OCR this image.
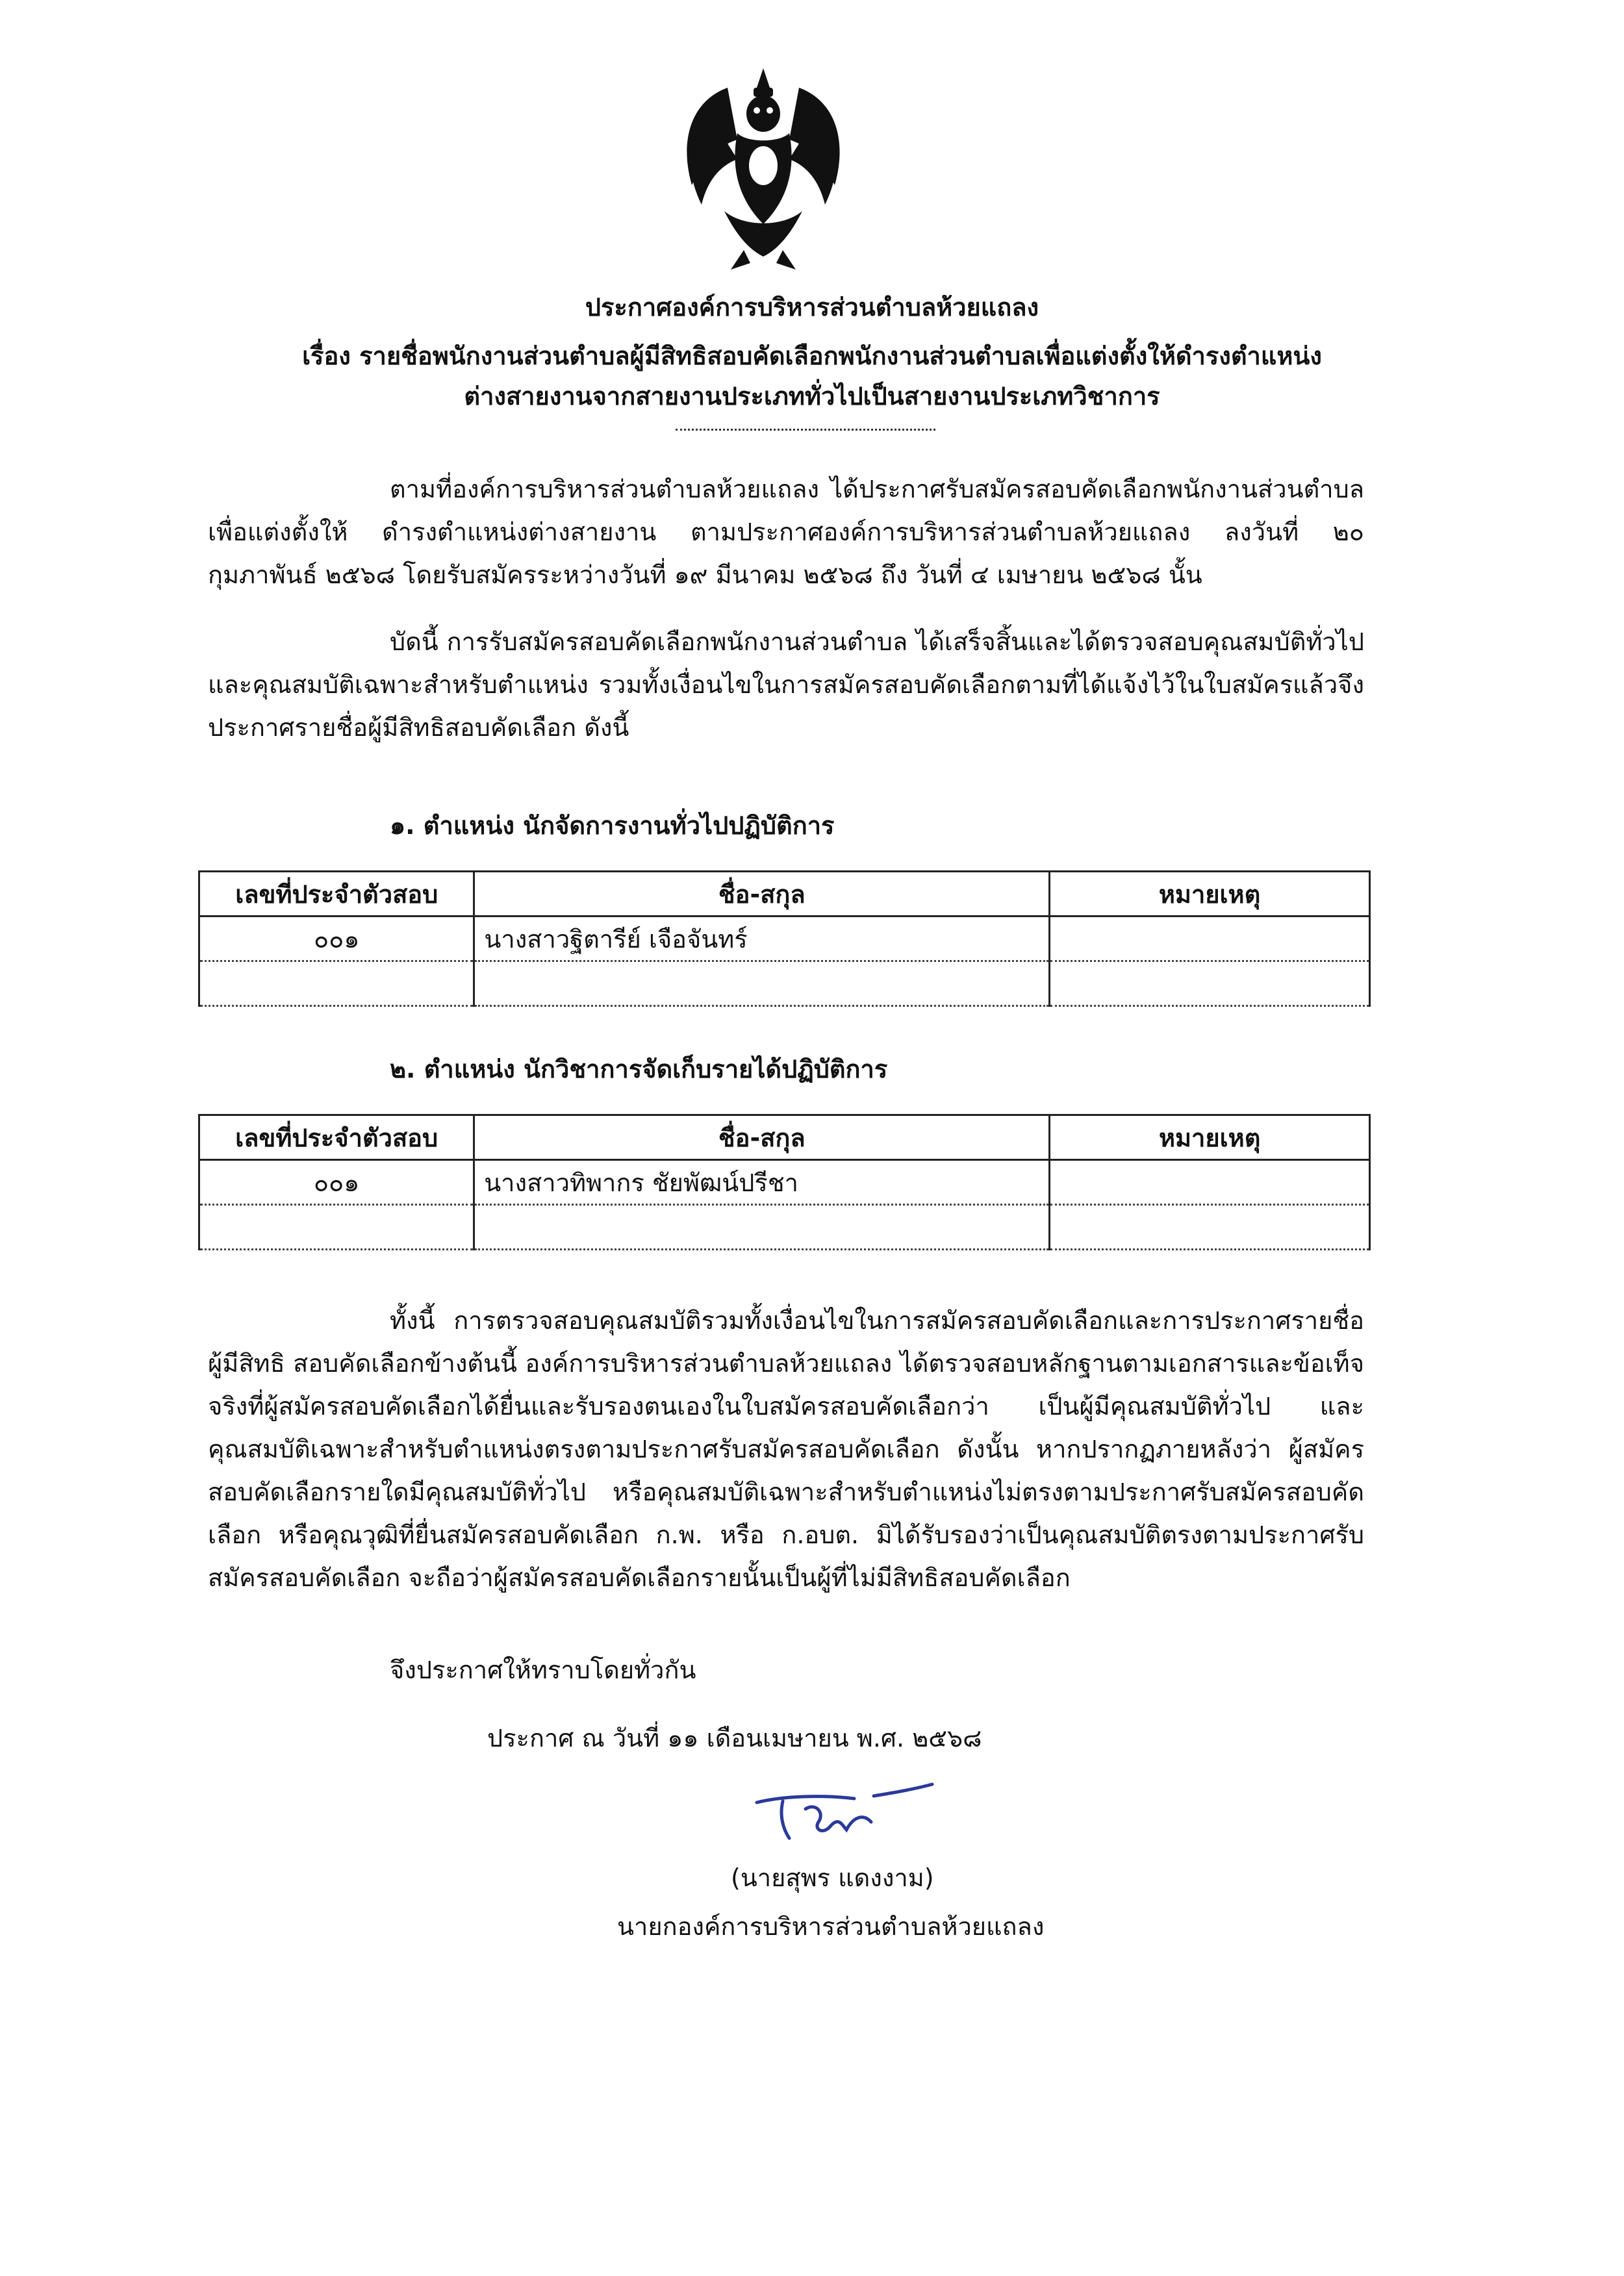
ประกาศองค์การบริหารส่วนตำบลห้วยแถลง
เรื่อง รายชื่อพนักงานส่วนตำบลผู้มีสิทธิสอบคัดเลือกพนักงานส่วนตำบลเพื่อแต่งตั้งให้ดำรงตำแหน่ง
ต่างสายงานจากสายงานประเภททั่วไปเป็นสายงานประเภทวิชาการ
ตามที่องค์การบริหารส่วนตำบลห้วยแถลง ได้ประกาศรับสมัครสอบคัดเลือกพนักงานส่วนตำบลเพื่อแต่งตั้งให้ ดำรงตำแหน่งต่างสายงาน ตามประกาศองค์การบริหารส่วนตำบลห้วยแถลง ลงวันที่ ๒๐ กุมภาพันธ์ ๒๕๖๘ โดยรับสมัครระหว่างวันที่ ๑๙ มีนาคม ๒๕๖๘ ถึง วันที่ ๔ เมษายน ๒๕๖๘ นั้น
บัดนี้ การรับสมัครสอบคัดเลือกพนักงานส่วนตำบล ได้เสร็จสิ้นและได้ตรวจสอบคุณสมบัติทั่วไปและคุณสมบัติเฉพาะสำหรับตำแหน่ง รวมทั้งเงื่อนไขในการสมัครสอบคัดเลือกตามที่ได้แจ้งไว้ในใบสมัครแล้วจึงประกาศรายชื่อผู้มีสิทธิสอบคัดเลือก ดังนี้
๑. ตำแหน่ง นักจัดการงานทั่วไปปฏิบัติการ
เลขที่ประจำตัวสอบ	ชื่อ-สกุล	หมายเหตุ
๐๐๑	นางสาวฐิตารีย์ เจือจันทร์	

๒. ตำแหน่ง นักวิชาการจัดเก็บรายได้ปฏิบัติการ
เลขที่ประจำตัวสอบ	ชื่อ-สกุล	หมายเหตุ
๐๐๑	นางสาวทิพากร ชัยพัฒน์ปรีชา	

ทั้งนี้ การตรวจสอบคุณสมบัติรวมทั้งเงื่อนไขในการสมัครสอบคัดเลือกและการประกาศรายชื่อผู้มีสิทธิ สอบคัดเลือกข้างต้นนี้ องค์การบริหารส่วนตำบลห้วยแถลง ได้ตรวจสอบหลักฐานตามเอกสารและข้อเท็จจริงที่ผู้สมัครสอบคัดเลือกได้ยื่นและรับรองตนเองในใบสมัครสอบคัดเลือกว่า เป็นผู้มีคุณสมบัติทั่วไป และคุณสมบัติเฉพาะสำหรับตำแหน่งตรงตามประกาศรับสมัครสอบคัดเลือก ดังนั้น หากปรากฏภายหลังว่า ผู้สมัครสอบคัดเลือกรายใดมีคุณสมบัติทั่วไป หรือคุณสมบัติเฉพาะสำหรับตำแหน่งไม่ตรงตามประกาศรับสมัครสอบคัดเลือก หรือคุณวุฒิที่ยื่นสมัครสอบคัดเลือก ก.พ. หรือ ก.อบต. มิได้รับรองว่าเป็นคุณสมบัติตรงตามประกาศรับสมัครสอบคัดเลือก จะถือว่าผู้สมัครสอบคัดเลือกรายนั้นเป็นผู้ที่ไม่มีสิทธิสอบคัดเลือก
จึงประกาศให้ทราบโดยทั่วกัน
ประกาศ ณ วันที่ ๑๑ เดือนเมษายน พ.ศ. ๒๕๖๘
(นายสุพร แดงงาม)
นายกองค์การบริหารส่วนตำบลห้วยแถลง
